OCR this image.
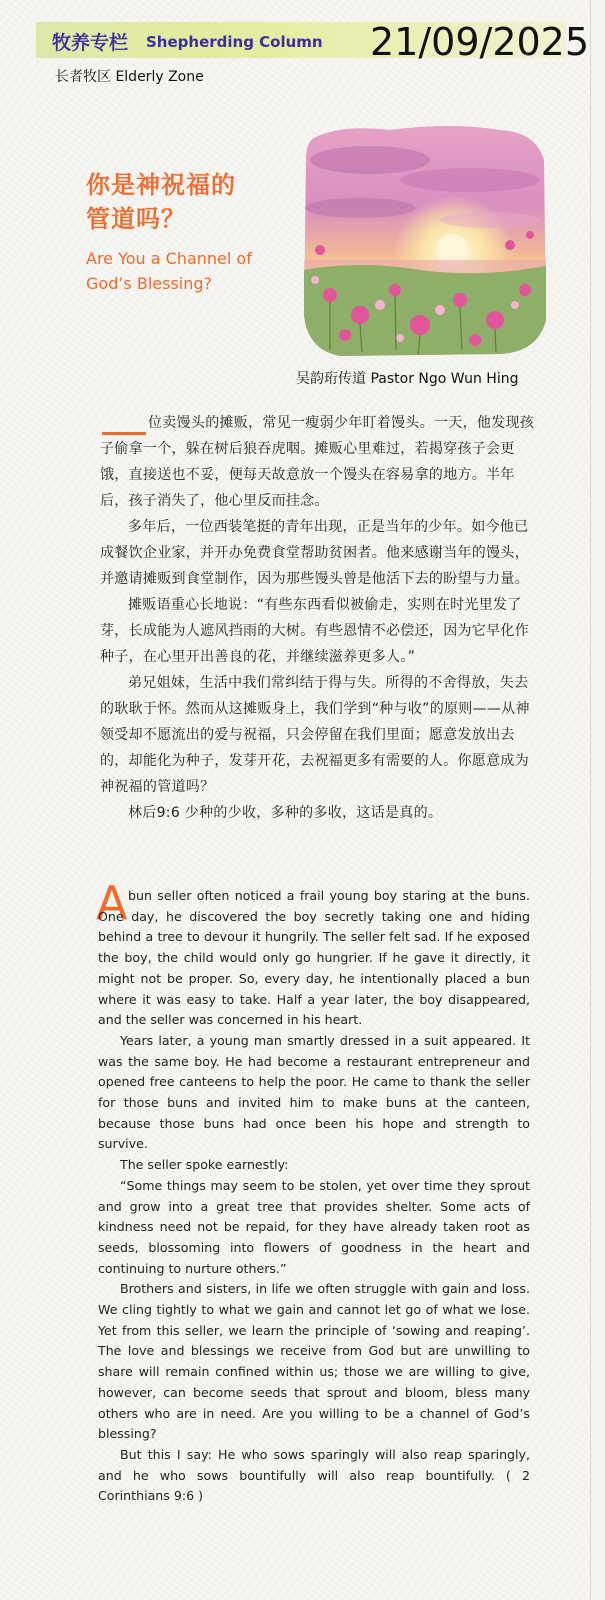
牧养专栏 Shepherding Column 21/09/2025
长者牧区 Elderly Zone
你是神祝福的
管道吗？
Are You a Channel of
God’s Blessing?
吴韵珩传道 Pastor Ngo Wun Hing

位卖馒头的摊贩，常见一瘦弱少年盯着馒头。一天，他发现孩子偷拿一个，躲在树后狼吞虎咽。摊贩心里难过，若揭穿孩子会更饿，直接送也不妥，便每天故意放一个馒头在容易拿的地方。半年后，孩子消失了，他心里反而挂念。

多年后，一位西装笔挺的青年出现，正是当年的少年。如今他已成餐饮企业家，并开办免费食堂帮助贫困者。他来感谢当年的馒头，并邀请摊贩到食堂制作，因为那些馒头曾是他活下去的盼望与力量。

摊贩语重心长地说：“有些东西看似被偷走，实则在时光里发了芽，长成能为人遮风挡雨的大树。有些恩情不必偿还，因为它早化作种子，在心里开出善良的花，并继续滋养更多人。”

弟兄姐妹，生活中我们常纠结于得与失。所得的不舍得放，失去的耿耿于怀。然而从这摊贩身上，我们学到“种与收”的原则——从神领受却不愿流出的爱与祝福，只会停留在我们里面；愿意发放出去的，却能化为种子，发芽开花，去祝福更多有需要的人。你愿意成为神祝福的管道吗？

林后9:6 少种的少收，多种的多收，这话是真的。

A bun seller often noticed a frail young boy staring at the buns. One day, he discovered the boy secretly taking one and hiding behind a tree to devour it hungrily. The seller felt sad. If he exposed the boy, the child would only go hungrier. If he gave it directly, it might not be proper. So, every day, he intentionally placed a bun where it was easy to take. Half a year later, the boy disappeared, and the seller was concerned in his heart.

Years later, a young man smartly dressed in a suit appeared. It was the same boy. He had become a restaurant entrepreneur and opened free canteens to help the poor. He came to thank the seller for those buns and invited him to make buns at the canteen, because those buns had once been his hope and strength to survive.

The seller spoke earnestly:

“Some things may seem to be stolen, yet over time they sprout and grow into a great tree that provides shelter. Some acts of kindness need not be repaid, for they have already taken root as seeds, blossoming into flowers of goodness in the heart and continuing to nurture others.”

Brothers and sisters, in life we often struggle with gain and loss. We cling tightly to what we gain and cannot let go of what we lose. Yet from this seller, we learn the principle of ‘sowing and reaping’. The love and blessings we receive from God but are unwilling to share will remain confined within us; those we are willing to give, however, can become seeds that sprout and bloom, bless many others who are in need. Are you willing to be a channel of God’s blessing?

But this I say: He who sows sparingly will also reap sparingly, and he who sows bountifully will also reap bountifully. ( 2 Corinthians 9:6 )
